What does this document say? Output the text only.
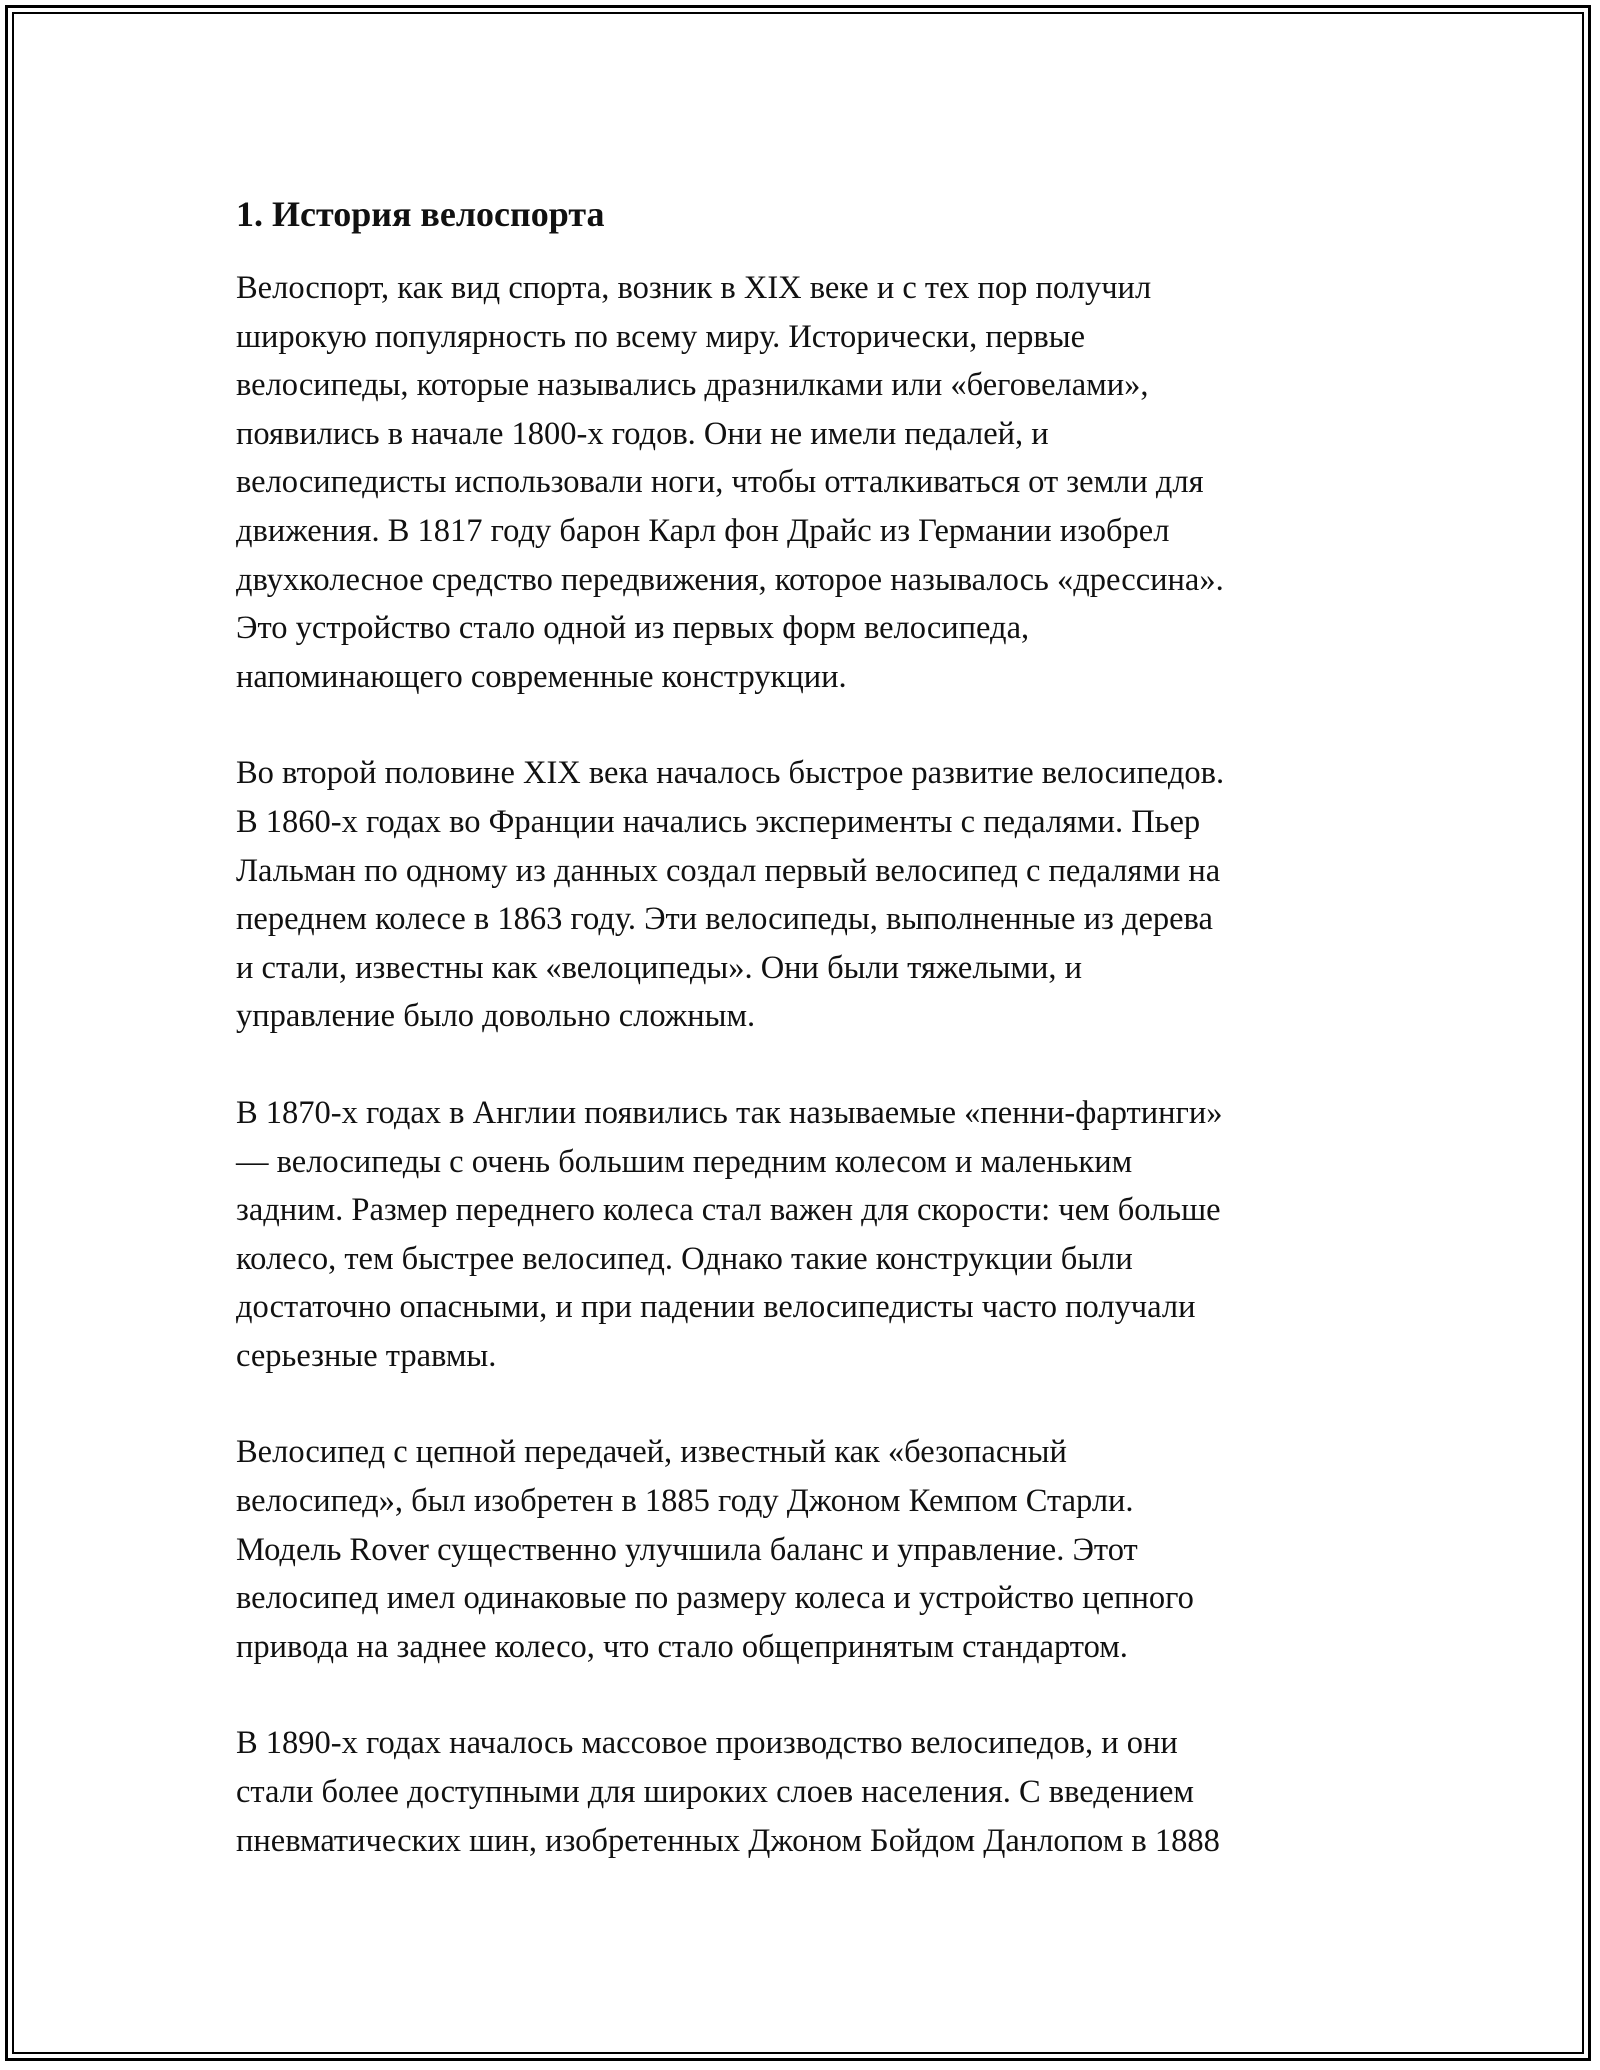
1. История велоспорта

Велоспорт, как вид спорта, возник в XIX веке и с тех пор получил
широкую популярность по всему миру. Исторически, первые
велосипеды, которые назывались дразнилками или «беговелами»,
появились в начале 1800-х годов. Они не имели педалей, и
велосипедисты использовали ноги, чтобы отталкиваться от земли для
движения. В 1817 году барон Карл фон Драйс из Германии изобрел
двухколесное средство передвижения, которое называлось «дрессина».
Это устройство стало одной из первых форм велосипеда,
напоминающего современные конструкции.

Во второй половине XIX века началось быстрое развитие велосипедов.
В 1860-х годах во Франции начались эксперименты с педалями. Пьер
Лальман по одному из данных создал первый велосипед с педалями на
переднем колесе в 1863 году. Эти велосипеды, выполненные из дерева
и стали, известны как «велоципеды». Они были тяжелыми, и
управление было довольно сложным.

В 1870-х годах в Англии появились так называемые «пенни-фартинги»
— велосипеды с очень большим передним колесом и маленьким
задним. Размер переднего колеса стал важен для скорости: чем больше
колесо, тем быстрее велосипед. Однако такие конструкции были
достаточно опасными, и при падении велосипедисты часто получали
серьезные травмы.

Велосипед с цепной передачей, известный как «безопасный
велосипед», был изобретен в 1885 году Джоном Кемпом Старли.
Модель Rover существенно улучшила баланс и управление. Этот
велосипед имел одинаковые по размеру колеса и устройство цепного
привода на заднее колесо, что стало общепринятым стандартом.

В 1890-х годах началось массовое производство велосипедов, и они
стали более доступными для широких слоев населения. С введением
пневматических шин, изобретенных Джоном Бойдом Данлопом в 1888
